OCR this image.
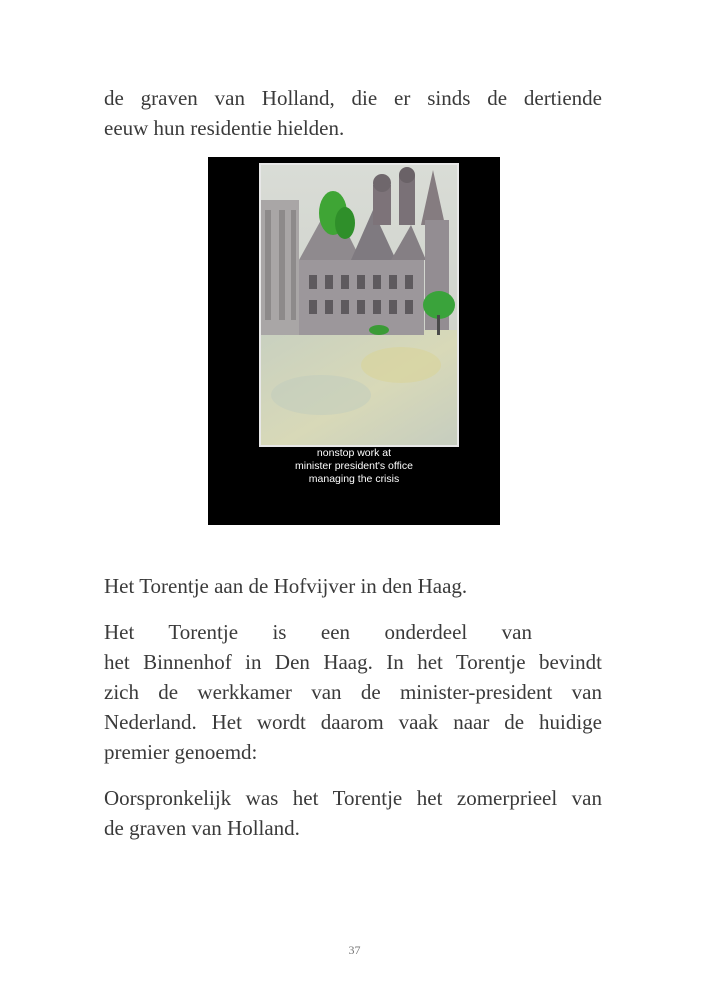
de graven van Holland, die er sinds de dertiende
eeuw hun residentie hielden.
nonstop work at
minister president's office
managing the crisis
Het Torentje aan de Hofvijver in den Haag.
Het Torentje is een onderdeel van
het Binnenhof in Den Haag. In het Torentje bevindt
zich de werkkamer van de minister-president van
Nederland. Het wordt daarom vaak naar de huidige
premier genoemd:
Oorspronkelijk was het Torentje het zomerprieel van
de graven van Holland.
37
